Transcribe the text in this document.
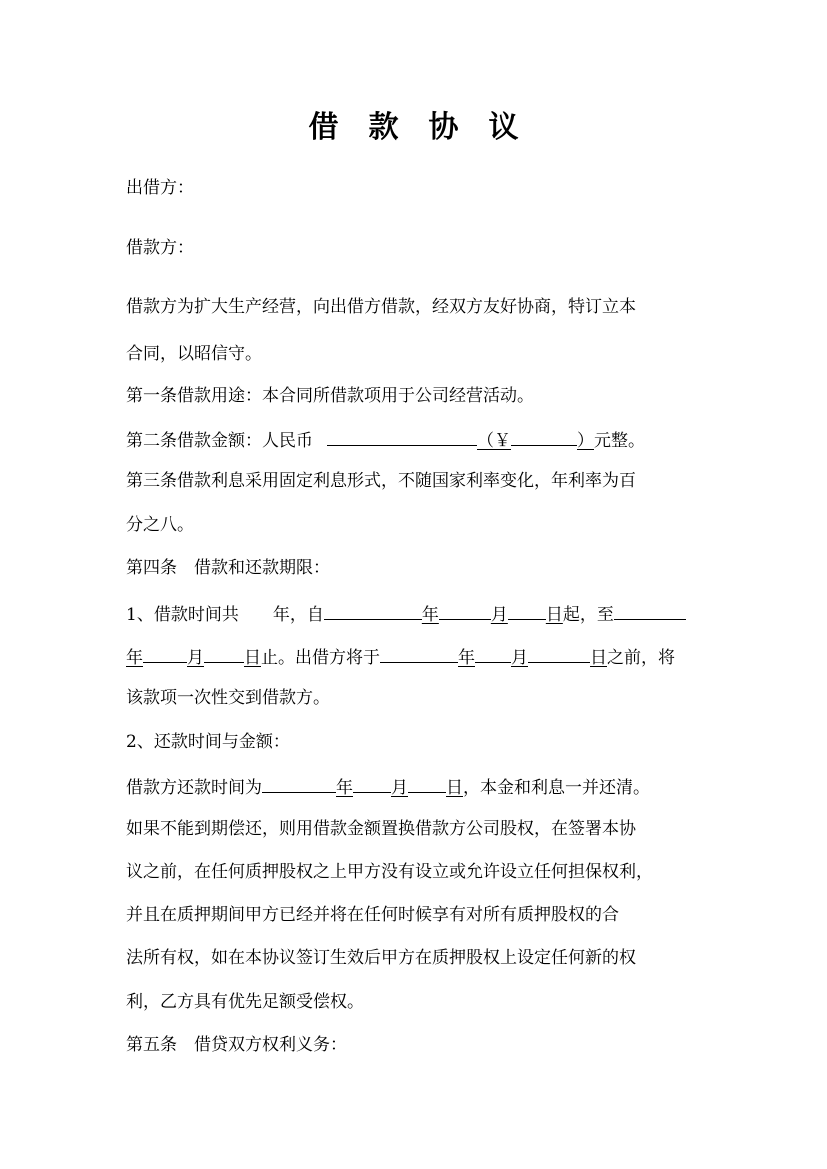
借款协议
出借方：
借款方：
借款方为扩大生产经营，向出借方借款，经双方友好协商，特订立本
合同，以昭信守。
第一条借款用途：本合同所借款项用于公司经营活动。
第二条借款金额：人民币	（￥	）元整。
第三条借款利息采用固定利息形式，不随国家利率变化，年利率为百
分之八。
第四条　借款和还款期限：
1、借款时间共 年，自	年	月 日起，至
年	月 日止。出借方将于	年 月	日之前，将
该款项一次性交到借款方。
2、还款时间与金额：
借款方还款时间为	年 月 日，本金和利息一并还清。
如果不能到期偿还，则用借款金额置换借款方公司股权，在签署本协
议之前，在任何质押股权之上甲方没有设立或允许设立任何担保权利，
并且在质押期间甲方已经并将在任何时候享有对所有质押股权的合
法所有权，如在本协议签订生效后甲方在质押股权上设定任何新的权
利，乙方具有优先足额受偿权。
第五条　借贷双方权利义务：
